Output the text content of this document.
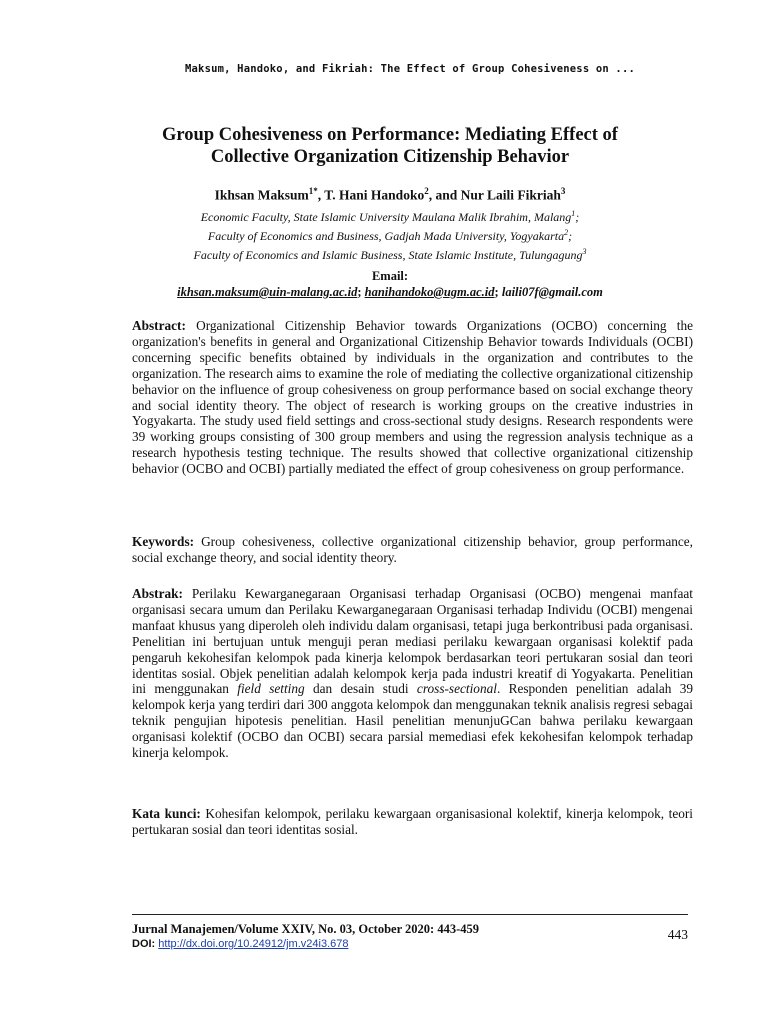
Maksum, Handoko, and Fikriah: The Effect of Group Cohesiveness on ...
Group Cohesiveness on Performance: Mediating Effect of
Collective Organization Citizenship Behavior
Ikhsan Maksum$^{1*}$, T. Hani Handoko$^2$, and Nur Laili Fikriah$^3$
Economic Faculty, State Islamic University Maulana Malik Ibrahim, Malang$^1$;
Faculty of Economics and Business, Gadjah Mada University, Yogyakarta$^2$;
Faculty of Economics and Islamic Business, State Islamic Institute, Tulungagung$^3$
Email:
ikhsan.maksum@uin-malang.ac.id; hanihandoko@ugm.ac.id; laili07f@gmail.com
Abstract: Organizational Citizenship Behavior towards Organizations (OCBO) concerning the organization's benefits in general and Organizational Citizenship Behavior towards Individuals (OCBI) concerning specific benefits obtained by individuals in the organization and contributes to the organization. The research aims to examine the role of mediating the collective organizational citizenship behavior on the influence of group cohesiveness on group performance based on social exchange theory and social identity theory. The object of research is working groups on the creative industries in Yogyakarta. The study used field settings and cross-sectional study designs. Research respondents were 39 working groups consisting of 300 group members and using the regression analysis technique as a research hypothesis testing technique. The results showed that collective organizational citizenship behavior (OCBO and OCBI) partially mediated the effect of group cohesiveness on group performance.
Keywords: Group cohesiveness, collective organizational citizenship behavior, group performance, social exchange theory, and social identity theory.
Abstrak: Perilaku Kewarganegaraan Organisasi terhadap Organisasi (OCBO) mengenai manfaat organisasi secara umum dan Perilaku Kewarganegaraan Organisasi terhadap Individu (OCBI) mengenai manfaat khusus yang diperoleh oleh individu dalam organisasi, tetapi juga berkontribusi pada organisasi. Penelitian ini bertujuan untuk menguji peran mediasi perilaku kewargaan organisasi kolektif pada pengaruh kekohesifan kelompok pada kinerja kelompok berdasarkan teori pertukaran sosial dan teori identitas sosial. Objek penelitian adalah kelompok kerja pada industri kreatif di Yogyakarta. Penelitian ini menggunakan field setting dan desain studi cross-sectional. Responden penelitian adalah 39 kelompok kerja yang terdiri dari 300 anggota kelompok dan menggunakan teknik analisis regresi sebagai teknik pengujian hipotesis penelitian. Hasil penelitian menunjuGCan bahwa perilaku kewargaan organisasi kolektif (OCBO dan OCBI) secara parsial memediasi efek kekohesifan kelompok terhadap kinerja kelompok.
Kata kunci: Kohesifan kelompok, perilaku kewargaan organisasional kolektif, kinerja kelompok, teori pertukaran sosial dan teori identitas sosial.
Jurnal Manajemen/Volume XXIV, No. 03, October 2020: 443-459
DOI: http://dx.doi.org/10.24912/jm.v24i3.678
443
